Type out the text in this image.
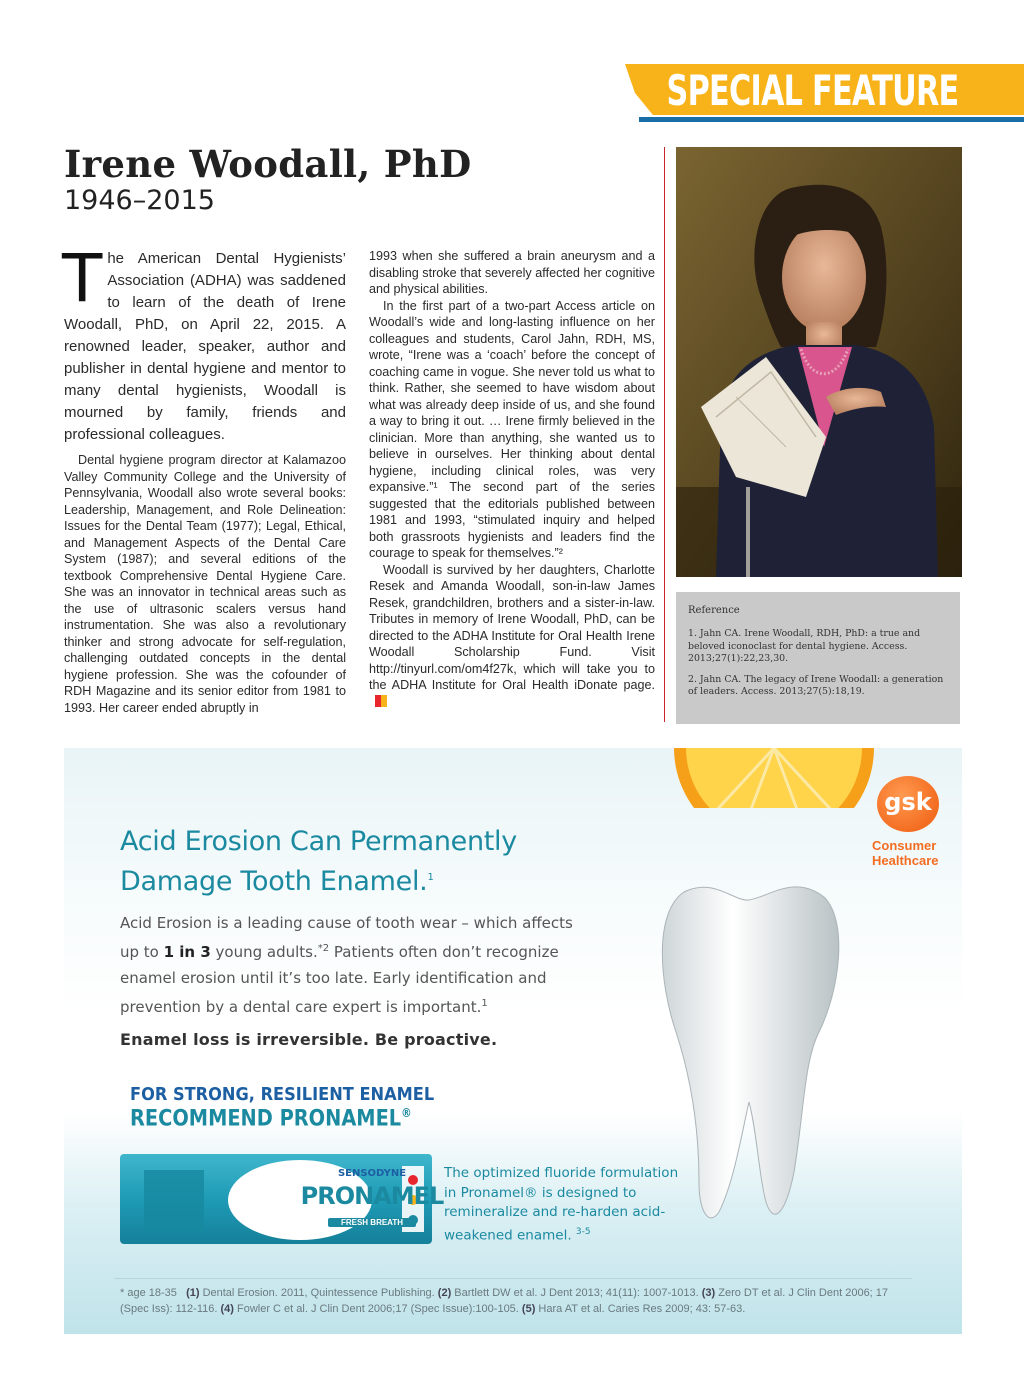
SPECIAL FEATURE
Irene Woodall, PhD
1946–2015

The American Dental Hygienists’ Association (ADHA) was saddened to learn of the death of Irene Woodall, PhD, on April 22, 2015. A renowned leader, speaker, author and publisher in dental hygiene and mentor to many dental hygienists, Woodall is mourned by family, friends and professional colleagues.

Dental hygiene program director at Kalamazoo Valley Community College and the University of Pennsylvania, Woodall also wrote several books: Leadership, Management, and Role Delineation: Issues for the Dental Team (1977); Legal, Ethical, and Management Aspects of the Dental Care System (1987); and several editions of the textbook Comprehensive Dental Hygiene Care. She was an innovator in technical areas such as the use of ultrasonic scalers versus hand instrumentation. She was also a revolutionary thinker and strong advocate for self-regulation, challenging outdated concepts in the dental hygiene profession. She was the cofounder of RDH Magazine and its senior editor from 1981 to 1993. Her career ended abruptly in

1993 when she suffered a brain aneurysm and a disabling stroke that severely affected her cognitive and physical abilities.

In the first part of a two-part Access article on Woodall’s wide and long-lasting influence on her colleagues and students, Carol Jahn, RDH, MS, wrote, “Irene was a ‘coach’ before the concept of coaching came in vogue. She never told us what to think. Rather, she seemed to have wisdom about what was already deep inside of us, and she found a way to bring it out. … Irene firmly believed in the clinician. More than anything, she wanted us to believe in ourselves. Her thinking about dental hygiene, including clinical roles, was very expansive.”¹ The second part of the series suggested that the editorials published between 1981 and 1993, “stimulated inquiry and helped both grassroots hygienists and leaders find the courage to speak for themselves.”²

Woodall is survived by her daughters, Charlotte Resek and Amanda Woodall, son-in-law James Resek, grandchildren, brothers and a sister-in-law. Tributes in memory of Irene Woodall, PhD, can be directed to the ADHA Institute for Oral Health Irene Woodall Scholarship Fund. Visit http://tinyurl.com/om4f27k, which will take you to the ADHA Institute for Oral Health iDonate page.

Reference
1. Jahn CA. Irene Woodall, RDH, PhD: a true and beloved iconoclast for dental hygiene. Access. 2013;27(1):22,23,30.
2. Jahn CA. The legacy of Irene Woodall: a generation of leaders. Access. 2013;27(5):18,19.
gsk
Consumer
Healthcare
Acid Erosion Can Permanently
Damage Tooth Enamel.$^1$
Acid Erosion is a leading cause of tooth wear – which affects up to 1 in 3 young adults.$^{*2}$ Patients often don’t recognize enamel erosion until it’s too late. Early identification and prevention by a dental care expert is important.$^1$
Enamel loss is irreversible. Be proactive.
FOR STRONG, RESILIENT ENAMEL
RECOMMEND PRONAMEL®
SENSODYNE
PRONAMEL
FRESH BREATH
The optimized fluoride formulation in Pronamel® is designed to remineralize and re-harden acid-weakened enamel. $^{3-5}$
* age 18-35 (1) Dental Erosion. 2011, Quintessence Publishing. (2) Bartlett DW et al. J Dent 2013; 41(11): 1007-1013. (3) Zero DT et al. J Clin Dent 2006; 17 (Spec Iss): 112-116. (4) Fowler C et al. J Clin Dent 2006;17 (Spec Issue):100-105. (5) Hara AT et al. Caries Res 2009; 43: 57-63.
